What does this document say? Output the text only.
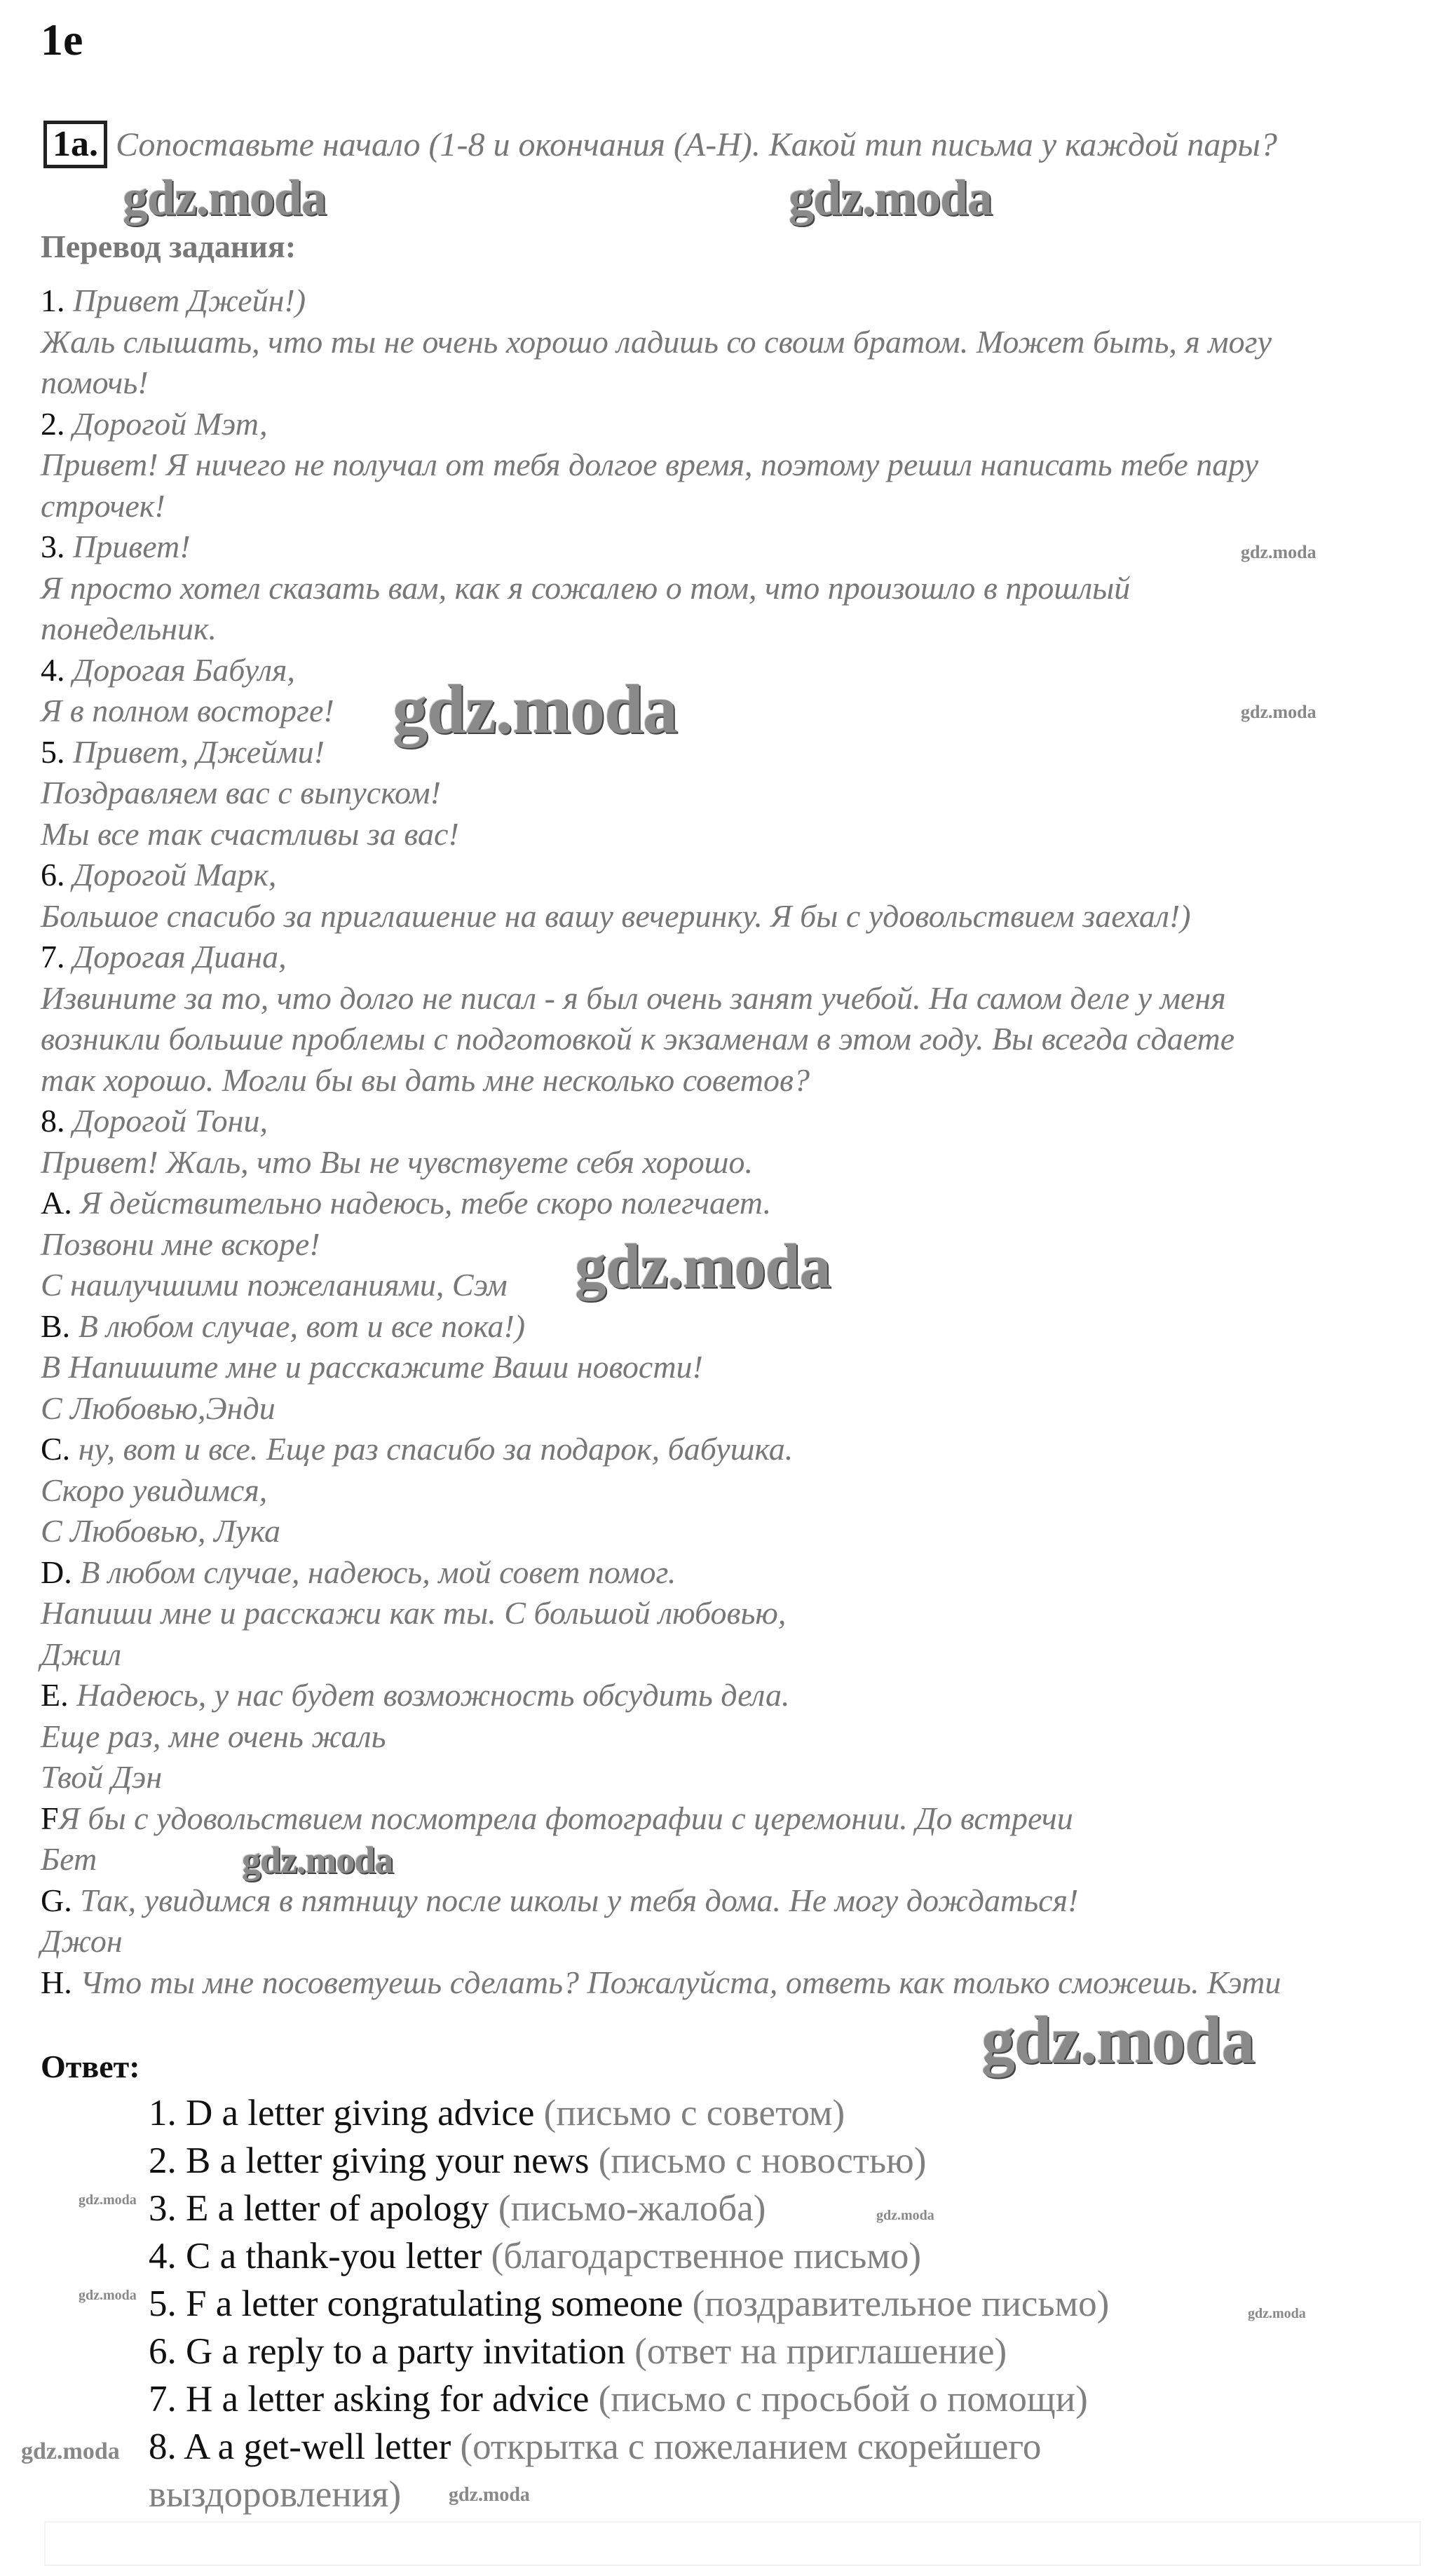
1e
1a. Сопоставьте начало (1-8 и окончания (A-H). Какой тип письма у каждой пары?
Перевод задания:
1. Привет Джейн!)
Жаль слышать, что ты не очень хорошо ладишь со своим братом. Может быть, я могу
помочь!
2. Дорогой Мэт,
Привет! Я ничего не получал от тебя долгое время, поэтому решил написать тебе пару
строчек!
3. Привет!
Я просто хотел сказать вам, как я сожалею о том, что произошло в прошлый
понедельник.
4. Дорогая Бабуля,
Я в полном восторге!
5. Привет, Джейми!
Поздравляем вас с выпуском!
Мы все так счастливы за вас!
6. Дорогой Марк,
Большое спасибо за приглашение на вашу вечеринку. Я бы с удовольствием заехал!)
7. Дорогая Диана,
Извините за то, что долго не писал - я был очень занят учебой. На самом деле у меня
возникли большие проблемы с подготовкой к экзаменам в этом году. Вы всегда сдаете
так хорошо. Могли бы вы дать мне несколько советов?
8. Дорогой Тони,
Привет! Жаль, что Вы не чувствуете себя хорошо.
A. Я действительно надеюсь, тебе скоро полегчает.
Позвони мне вскоре!
С наилучшими пожеланиями, Сэм
B. В любом случае, вот и все пока!)
В Напишите мне и расскажите Ваши новости!
С Любовью,Энди
C. ну, вот и все. Еще раз спасибо за подарок, бабушка.
Скоро увидимся,
С Любовью, Лука
D. В любом случае, надеюсь, мой совет помог.
Напиши мне и расскажи как ты. С большой любовью,
Джил
E. Надеюсь, у нас будет возможность обсудить дела.
Еще раз, мне очень жаль
Твой Дэн
FЯ бы с удовольствием посмотрела фотографии с церемонии. До встречи
Бет
G. Так, увидимся в пятницу после школы у тебя дома. Не могу дождаться!
Джон
H. Что ты мне посоветуешь сделать? Пожалуйста, ответь как только сможешь. Кэти
Ответ:
1. D a letter giving advice (письмо с советом)
2. B a letter giving your news (письмо с новостью)
3. E a letter of apology (письмо-жалоба)
4. C a thank-you letter (благодарственное письмо)
5. F a letter congratulating someone (поздравительное письмо)
6. G a reply to a party invitation (ответ на приглашение)
7. H a letter asking for advice (письмо с просьбой о помощи)
8. A a get-well letter (открытка с пожеланием скорейшего
выздоровления)
gdz.moda	gdz.moda
gdz.moda
gdz.moda
gdz.moda
gdz.moda
gdz.moda
gdz.moda
gdz.moda
gdz.moda
gdz.moda
gdz.moda
gdz.moda
gdz.moda
